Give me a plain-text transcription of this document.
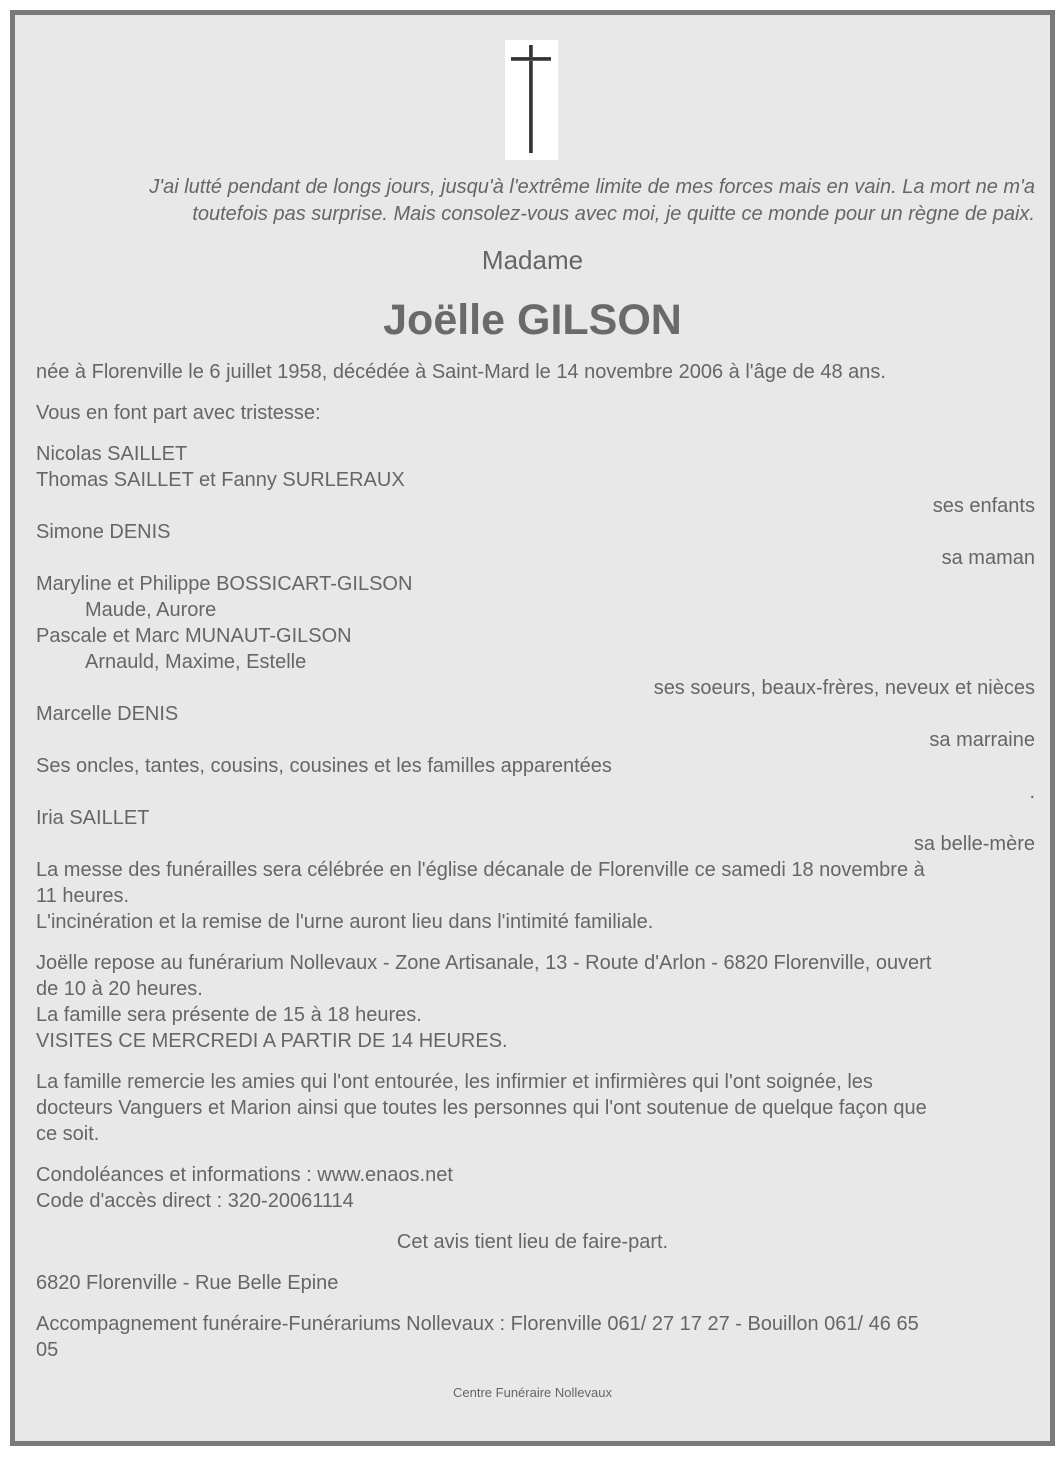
J'ai lutté pendant de longs jours, jusqu'à l'extrême limite de mes forces mais en vain. La mort ne m'a
toutefois pas surprise. Mais consolez-vous avec moi, je quitte ce monde pour un règne de paix.
Madame
Joëlle GILSON
née à Florenville le 6 juillet 1958, décédée à Saint-Mard le 14 novembre 2006 à l'âge de 48 ans.
Vous en font part avec tristesse:
Nicolas SAILLET
Thomas SAILLET et Fanny SURLERAUX
ses enfants
Simone DENIS
sa maman
Maryline et Philippe BOSSICART-GILSON
Maude, Aurore
Pascale et Marc MUNAUT-GILSON
Arnauld, Maxime, Estelle
ses soeurs, beaux-frères, neveux et nièces
Marcelle DENIS
sa marraine
Ses oncles, tantes, cousins, cousines et les familles apparentées
.
Iria SAILLET
sa belle-mère
La messe des funérailles sera célébrée en l'église décanale de Florenville ce samedi 18 novembre à
11 heures.
L'incinération et la remise de l'urne auront lieu dans l'intimité familiale.
Joëlle repose au funérarium Nollevaux - Zone Artisanale, 13 - Route d'Arlon - 6820 Florenville, ouvert
de 10 à 20 heures.
La famille sera présente de 15 à 18 heures.
VISITES CE MERCREDI A PARTIR DE 14 HEURES.
La famille remercie les amies qui l'ont entourée, les infirmier et infirmières qui l'ont soignée, les
docteurs Vanguers et Marion ainsi que toutes les personnes qui l'ont soutenue de quelque façon que
ce soit.
Condoléances et informations : www.enaos.net
Code d'accès direct : 320-20061114
Cet avis tient lieu de faire-part.
6820 Florenville - Rue Belle Epine
Accompagnement funéraire-Funérariums Nollevaux : Florenville 061/ 27 17 27 - Bouillon 061/ 46 65
05
Centre Funéraire Nollevaux
